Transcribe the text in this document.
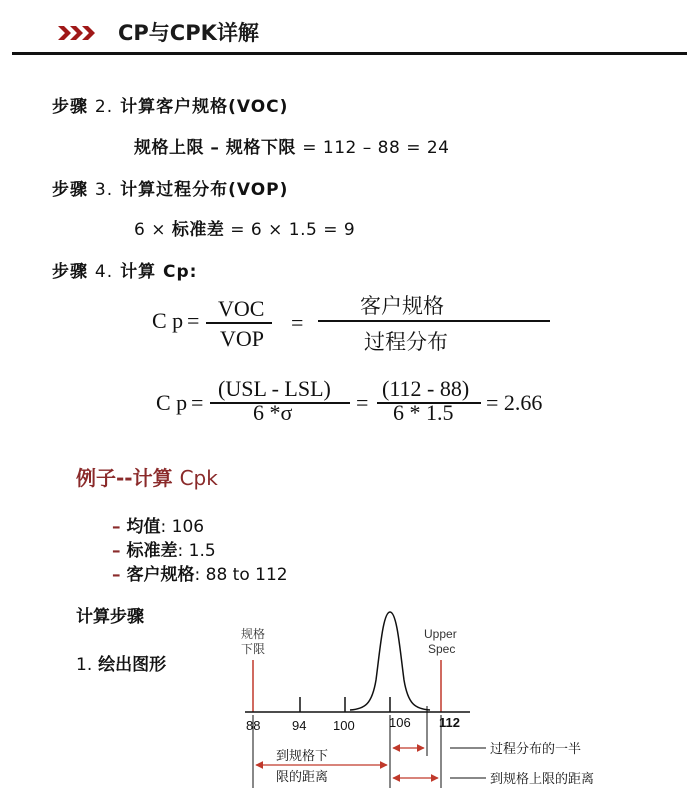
CP与CPK详解
步骤 2. 计算客户规格(VOC)
规格上限 – 规格下限 = 112 – 88 = 24
步骤 3. 计算过程分布(VOP)
6 × 标准差 = 6 × 1.5 = 9
步骤 4. 计算 Cp:
C p = VOC
VOP
=
客户规格
过程分布
C p =
(USL - LSL)
6 *σ	=
(112 - 88)
6 * 1.5 = 2.66
例子--计算 Cpk
– 均值: 106
– 标准差: 1.5
– 客户规格: 88 to 112
计算步骤
1. 绘出图形
规格
下限
Upper
Spec
88 94 100	106 112
过程分布的一半
到规格上限的距离
到规格下
限的距离
